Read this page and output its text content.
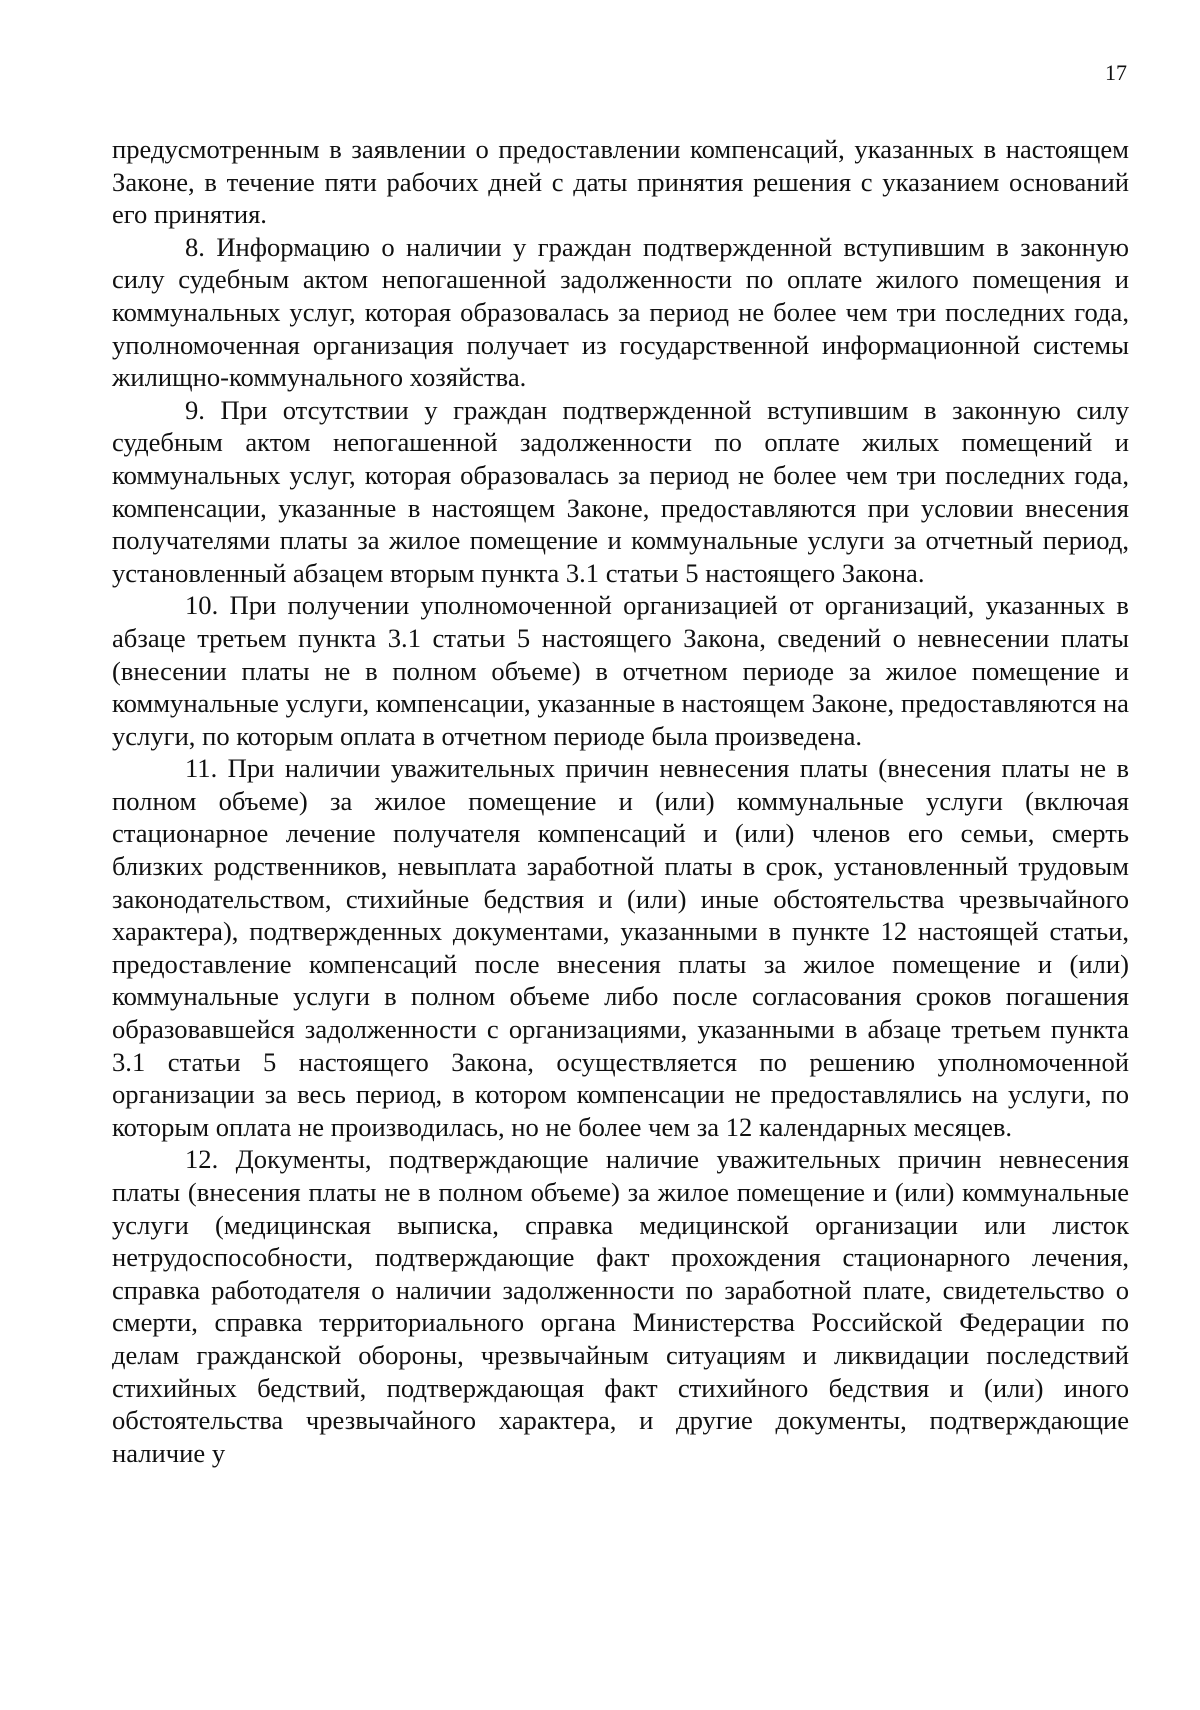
17

предусмотренным в заявлении о предоставлении компенсаций, указанных в настоящем Законе, в течение пяти рабочих дней с даты принятия решения с указанием оснований его принятия.

8. Информацию о наличии у граждан подтвержденной вступившим в законную силу судебным актом непогашенной задолженности по оплате жилого помещения и коммунальных услуг, которая образовалась за период не более чем три последних года, уполномоченная организация получает из государственной информационной системы жилищно-коммунального хозяйства.

9. При отсутствии у граждан подтвержденной вступившим в законную силу судебным актом непогашенной задолженности по оплате жилых помещений и коммунальных услуг, которая образовалась за период не более чем три последних года, компенсации, указанные в настоящем Законе, предоставляются при условии внесения получателями платы за жилое помещение и коммунальные услуги за отчетный период, установленный абзацем вторым пункта 3.1 статьи 5 настоящего Закона.

10. При получении уполномоченной организацией от организаций, указанных в абзаце третьем пункта 3.1 статьи 5 настоящего Закона, сведений о невнесении платы (внесении платы не в полном объеме) в отчетном периоде за жилое помещение и коммунальные услуги, компенсации, указанные в настоящем Законе, предоставляются на услуги, по которым оплата в отчетном периоде была произведена.

11. При наличии уважительных причин невнесения платы (внесения платы не в полном объеме) за жилое помещение и (или) коммунальные услуги (включая стационарное лечение получателя компенсаций и (или) членов его семьи, смерть близких родственников, невыплата заработной платы в срок, установленный трудовым законодательством, стихийные бедствия и (или) иные обстоятельства чрезвычайного характера), подтвержденных документами, указанными в пункте 12 настоящей статьи, предоставление компенсаций после внесения платы за жилое помещение и (или) коммунальные услуги в полном объеме либо после согласования сроков погашения образовавшейся задолженности с организациями, указанными в абзаце третьем пункта 3.1 статьи 5 настоящего Закона, осуществляется по решению уполномоченной организации за весь период, в котором компенсации не предоставлялись на услуги, по которым оплата не производилась, но не более чем за 12 календарных месяцев.

12. Документы, подтверждающие наличие уважительных причин невнесения платы (внесения платы не в полном объеме) за жилое помещение и (или) коммунальные услуги (медицинская выписка, справка медицинской организации или листок нетрудоспособности, подтверждающие факт прохождения стационарного лечения, справка работодателя о наличии задолженности по заработной плате, свидетельство о смерти, справка территориального органа Министерства Российской Федерации по делам гражданской обороны, чрезвычайным ситуациям и ликвидации последствий стихийных бедствий, подтверждающая факт стихийного бедствия и (или) иного обстоятельства чрезвычайного характера, и другие документы, подтверждающие наличие у
